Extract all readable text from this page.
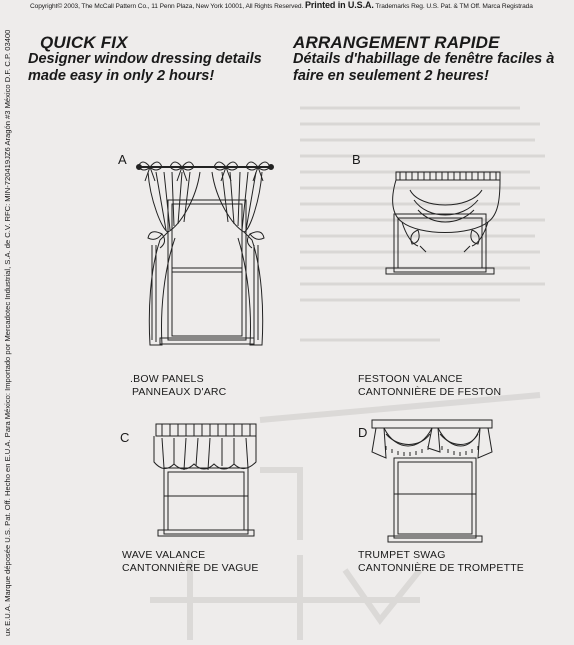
Copyright© 2003, The McCall Pattern Co., 11 Penn Plaza, New York 10001, All Rights Reserved. Printed in U.S.A. Trademarks Reg. U.S. Pat. & TM Off. Marca Registrada
ux E.U.A. Marque déposée U.S. Pat. Off. Hecho en E.U.A. Para México: Importado por Mercadotec Industrial, S.A. de C.V. RFC: MIN-720419JZ6 Aragón #3 México D.F. C.P. 03400 QUICK FIX
Designer window dressing details
made easy in only 2 hours!
ARRANGEMENT RAPIDE
Détails d'habillage de fenêtre faciles à
faire en seulement 2 heures!
A	B
C	D
.BOW PANELS
PANNEAUX D'ARC
FESTOON VALANCE
CANTONNIÈRE DE FESTON
WAVE VALANCE
CANTONNIÈRE DE VAGUE
TRUMPET SWAG
CANTONNIÈRE DE TROMPETTE
